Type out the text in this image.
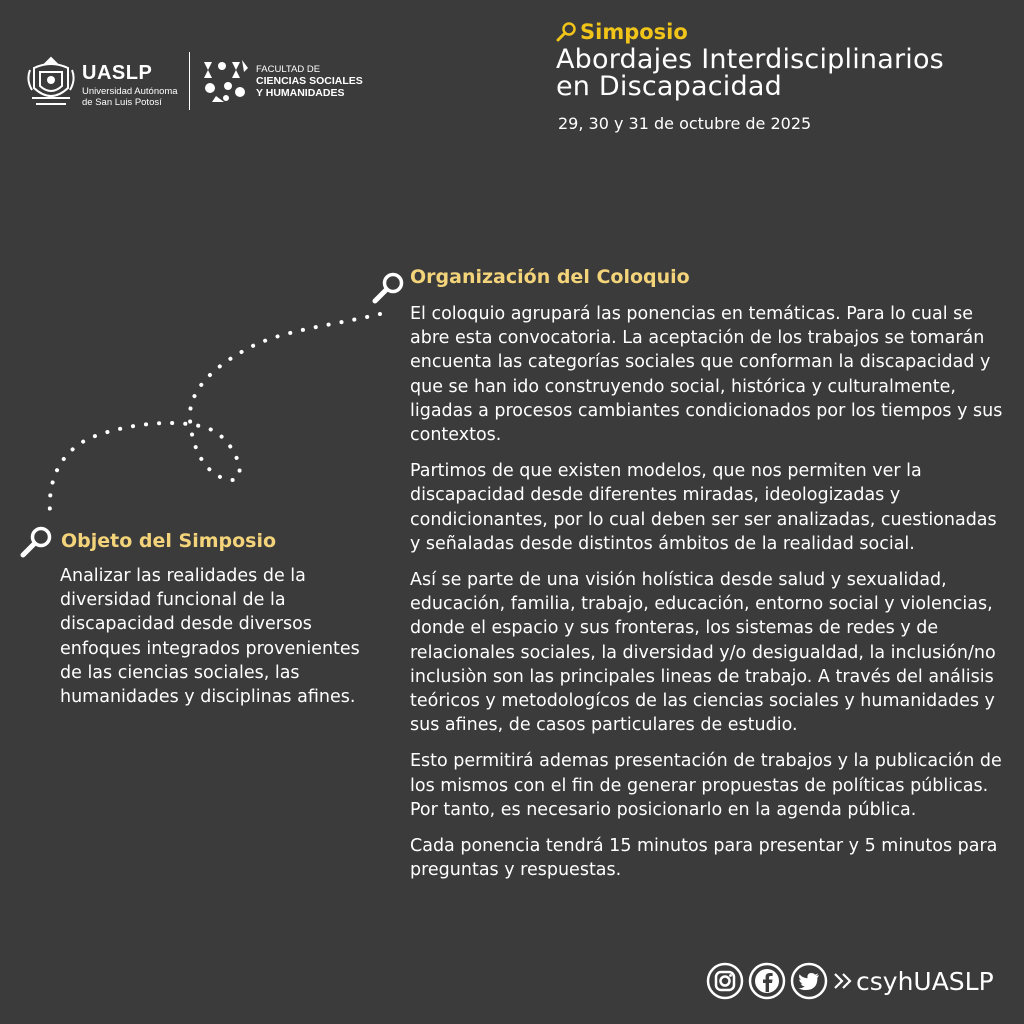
UASLP
Universidad Autónoma
de San Luis Potosí
FACULTAD DE
CIENCIAS SOCIALES
Y HUMANIDADES
Simposio
Abordajes Interdisciplinarios
en Discapacidad
29, 30 y 31 de octubre de 2025
Organización del Coloquio

El coloquio agrupará las ponencias en temáticas. Para lo cual se abre esta convocatoria. La aceptación de los trabajos se tomarán encuenta las categorías sociales que conforman la discapacidad y que se han ido construyendo social, histórica y culturalmente, ligadas a procesos cambiantes condicionados por los tiempos y sus contextos.

Partimos de que existen modelos, que nos permiten ver la discapacidad desde diferentes miradas, ideologizadas y condicionantes, por lo cual deben ser ser analizadas, cuestionadas y señaladas desde distintos ámbitos de la realidad social.

Así se parte de una visión holística desde salud y sexualidad, educación, familia, trabajo, educación, entorno social y violencias, donde el espacio y sus fronteras, los sistemas de redes y de relacionales sociales, la diversidad y/o desigualdad, la inclusión/no inclusiòn son las principales lineas de trabajo. A través del análisis teóricos y metodologícos de las ciencias sociales y humanidades y sus afines, de casos particulares de estudio.

Esto permitirá ademas presentación de trabajos y la publicación de los mismos con el fin de generar propuestas de políticas públicas. Por tanto, es necesario posicionarlo en la agenda pública.

Cada ponencia tendrá 15 minutos para presentar y 5 minutos para preguntas y respuestas.

Objeto del Simposio
Analizar las realidades de la diversidad funcional de la discapacidad desde diversos enfoques integrados provenientes de las ciencias sociales, las humanidades y disciplinas afines.
csyhUASLP
